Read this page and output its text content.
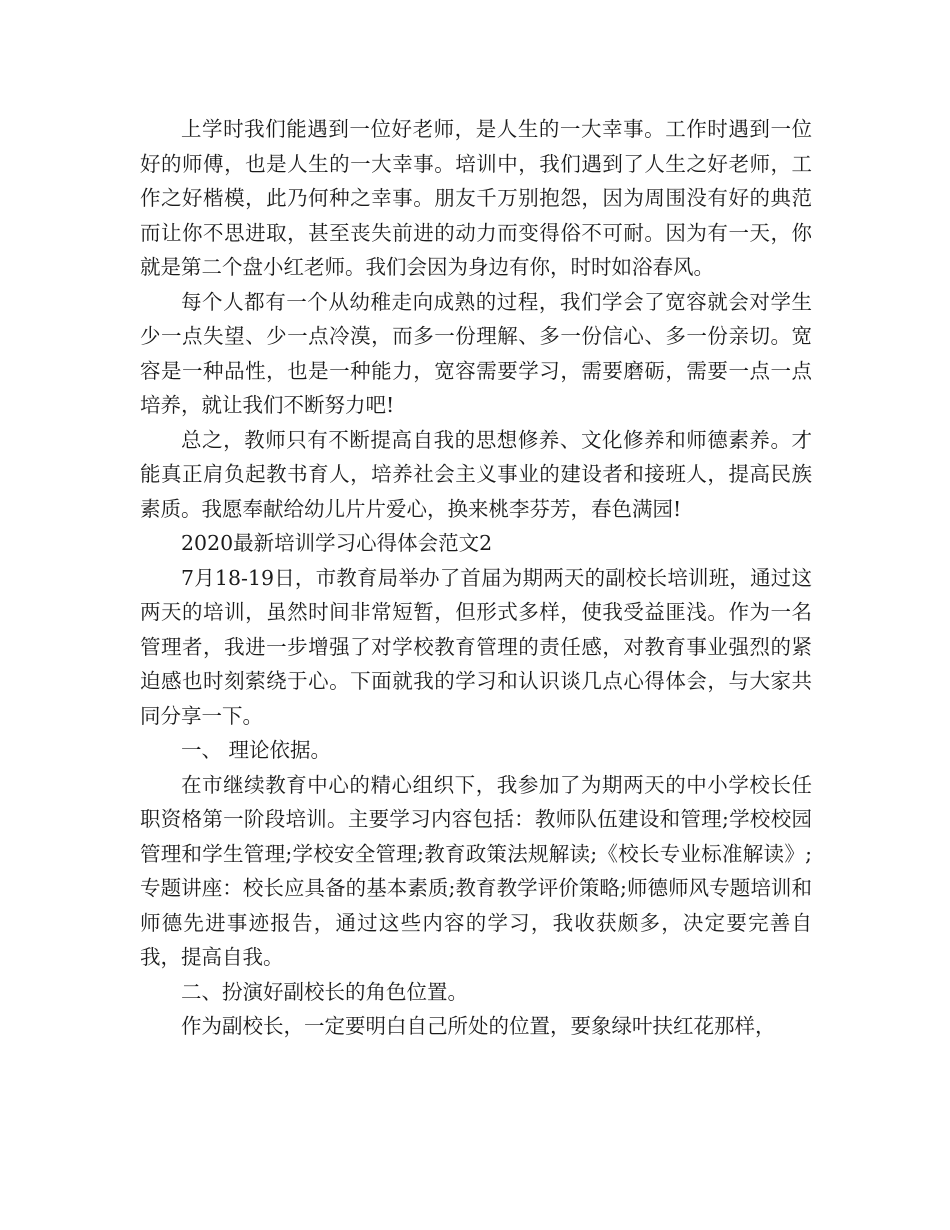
上学时我们能遇到一位好老师，是人生的一大幸事。工作时遇到一位好的师傅，也是人生的一大幸事。培训中，我们遇到了人生之好老师，工作之好楷模，此乃何种之幸事。朋友千万别抱怨，因为周围没有好的典范而让你不思进取，甚至丧失前进的动力而变得俗不可耐。因为有一天，你就是第二个盘小红老师。我们会因为身边有你，时时如浴春风。

每个人都有一个从幼稚走向成熟的过程，我们学会了宽容就会对学生少一点失望、少一点冷漠，而多一份理解、多一份信心、多一份亲切。宽容是一种品性，也是一种能力，宽容需要学习，需要磨砺，需要一点一点培养，就让我们不断努力吧!

总之，教师只有不断提高自我的思想修养、文化修养和师德素养。才能真正肩负起教书育人，培养社会主义事业的建设者和接班人，提高民族素质。我愿奉献给幼儿片片爱心，换来桃李芬芳，春色满园!

2020最新培训学习心得体会范文2

7月18-19日，市教育局举办了首届为期两天的副校长培训班，通过这两天的培训，虽然时间非常短暂，但形式多样，使我受益匪浅。作为一名管理者，我进一步增强了对学校教育管理的责任感，对教育事业强烈的紧迫感也时刻萦绕于心。下面就我的学习和认识谈几点心得体会，与大家共同分享一下。

一、 理论依据。

在市继续教育中心的精心组织下，我参加了为期两天的中小学校长任职资格第一阶段培训。主要学习内容包括：教师队伍建设和管理;学校校园管理和学生管理;学校安全管理;教育政策法规解读;《校长专业标准解读》;专题讲座：校长应具备的基本素质;教育教学评价策略;师德师风专题培训和师德先进事迹报告，通过这些内容的学习，我收获颇多，决定要完善自我，提高自我。

二、扮演好副校长的角色位置。

作为副校长，一定要明白自己所处的位置，要象绿叶扶红花那样，
